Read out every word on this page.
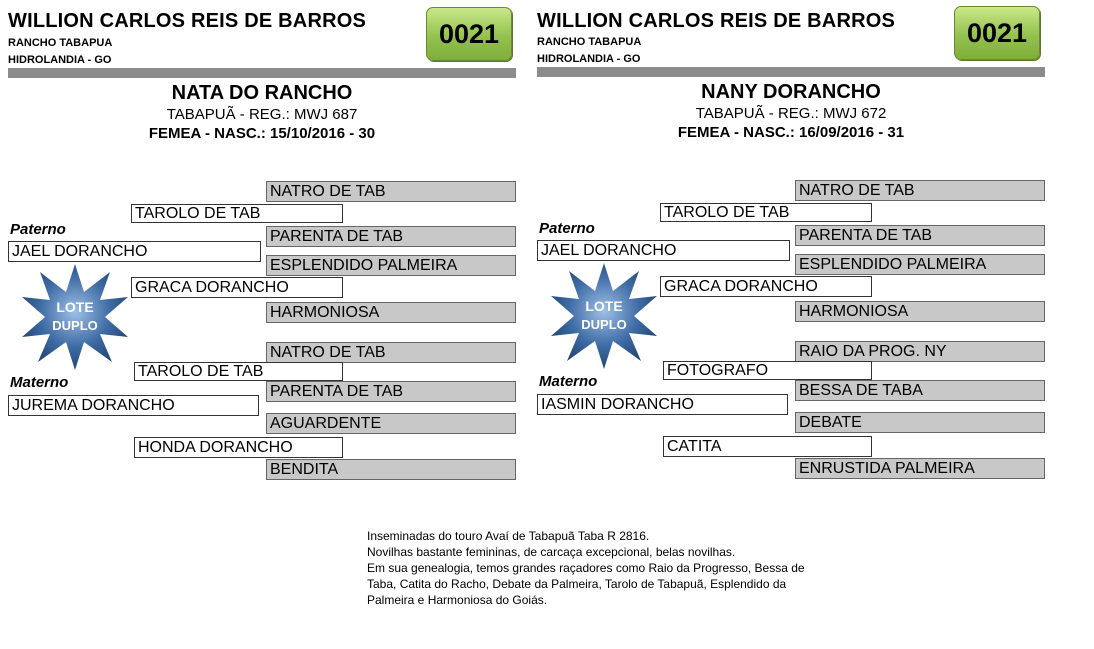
WILLION CARLOS REIS DE BARROS
RANCHO TABAPUA
HIDROLANDIA - GO
0021
NATA DO RANCHO
TABAPUÃ - REG.: MWJ 687
FEMEA - NASC.: 15/10/2016 - 30
Paterno
Materno
NATRO DE TAB
TAROLO DE TAB
PARENTA DE TAB
JAEL DORANCHO
ESPLENDIDO PALMEIRA
GRACA DORANCHO
HARMONIOSA
NATRO DE TAB
TAROLO DE TAB
PARENTA DE TAB
JUREMA DORANCHO
AGUARDENTE
HONDA DORANCHO
BENDITA
LOTE
DUPLO
WILLION CARLOS REIS DE BARROS
RANCHO TABAPUA
HIDROLANDIA - GO
0021
NANY DORANCHO
TABAPUÃ - REG.: MWJ 672
FEMEA - NASC.: 16/09/2016 - 31
Paterno
Materno
NATRO DE TAB
TAROLO DE TAB
PARENTA DE TAB
JAEL DORANCHO
ESPLENDIDO PALMEIRA
GRACA DORANCHO
HARMONIOSA
RAIO DA PROG. NY
FOTOGRAFO
BESSA DE TABA
IASMIN DORANCHO
DEBATE
CATITA
ENRUSTIDA PALMEIRA
LOTE
DUPLO
Inseminadas do touro Avaí de Tabapuã Taba R 2816.
Novilhas bastante femininas, de carcaça excepcional, belas novilhas.
Em sua genealogia, temos grandes raçadores como Raio da Progresso, Bessa de
Taba, Catita do Racho, Debate da Palmeira, Tarolo de Tabapuã, Esplendido da
Palmeira e Harmoniosa do Goiás.
